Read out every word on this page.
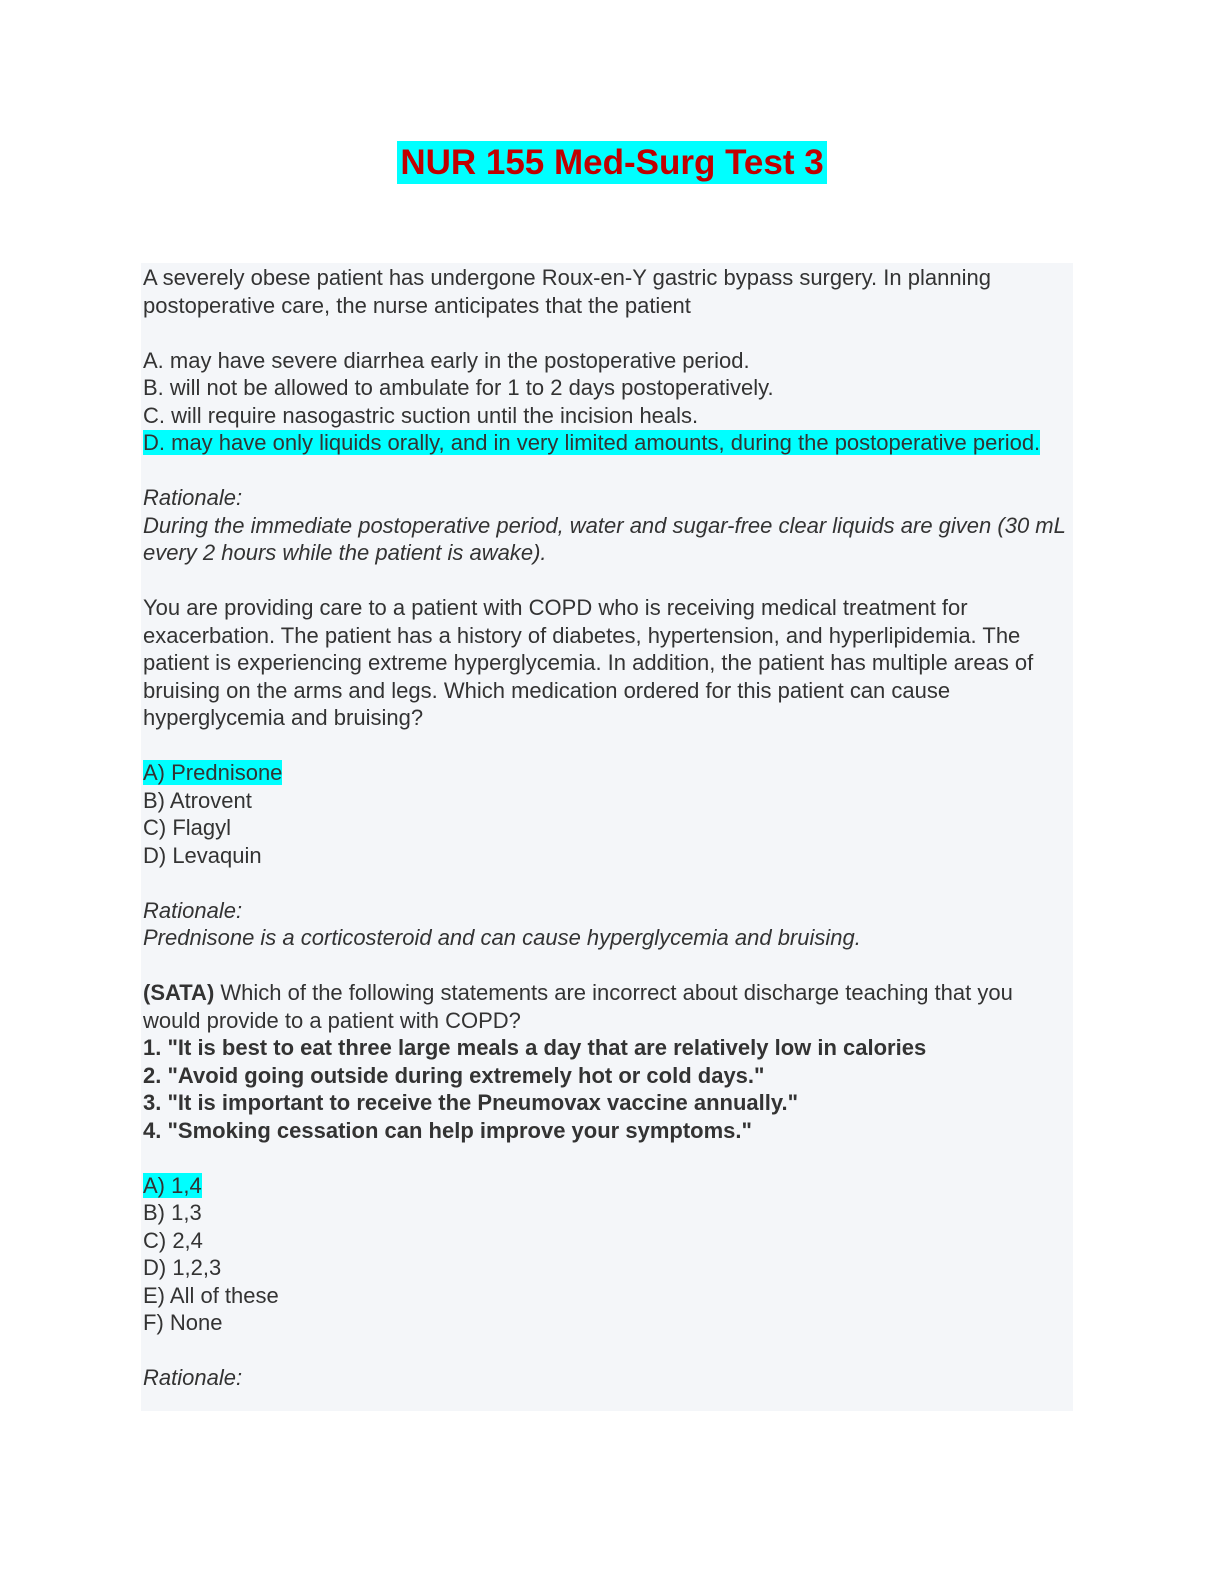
NUR 155 Med-Surg Test 3

A severely obese patient has undergone Roux-en-Y gastric bypass surgery. In planning postoperative care, the nurse anticipates that the patient

A. may have severe diarrhea early in the postoperative period.

B. will not be allowed to ambulate for 1 to 2 days postoperatively.

C. will require nasogastric suction until the incision heals.

D. may have only liquids orally, and in very limited amounts, during the postoperative period.

Rationale:

During the immediate postoperative period, water and sugar-free clear liquids are given (30 mL every 2 hours while the patient is awake).

You are providing care to a patient with COPD who is receiving medical treatment for exacerbation. The patient has a history of diabetes, hypertension, and hyperlipidemia. The patient is experiencing extreme hyperglycemia. In addition, the patient has multiple areas of bruising on the arms and legs. Which medication ordered for this patient can cause hyperglycemia and bruising?

A) Prednisone

B) Atrovent

C) Flagyl

D) Levaquin

Rationale:

Prednisone is a corticosteroid and can cause hyperglycemia and bruising.

(SATA) Which of the following statements are incorrect about discharge teaching that you would provide to a patient with COPD?

1. "It is best to eat three large meals a day that are relatively low in calories

2. "Avoid going outside during extremely hot or cold days."

3. "It is important to receive the Pneumovax vaccine annually."

4. "Smoking cessation can help improve your symptoms."

A) 1,4

B) 1,3

C) 2,4

D) 1,2,3

E) All of these

F) None

Rationale:
